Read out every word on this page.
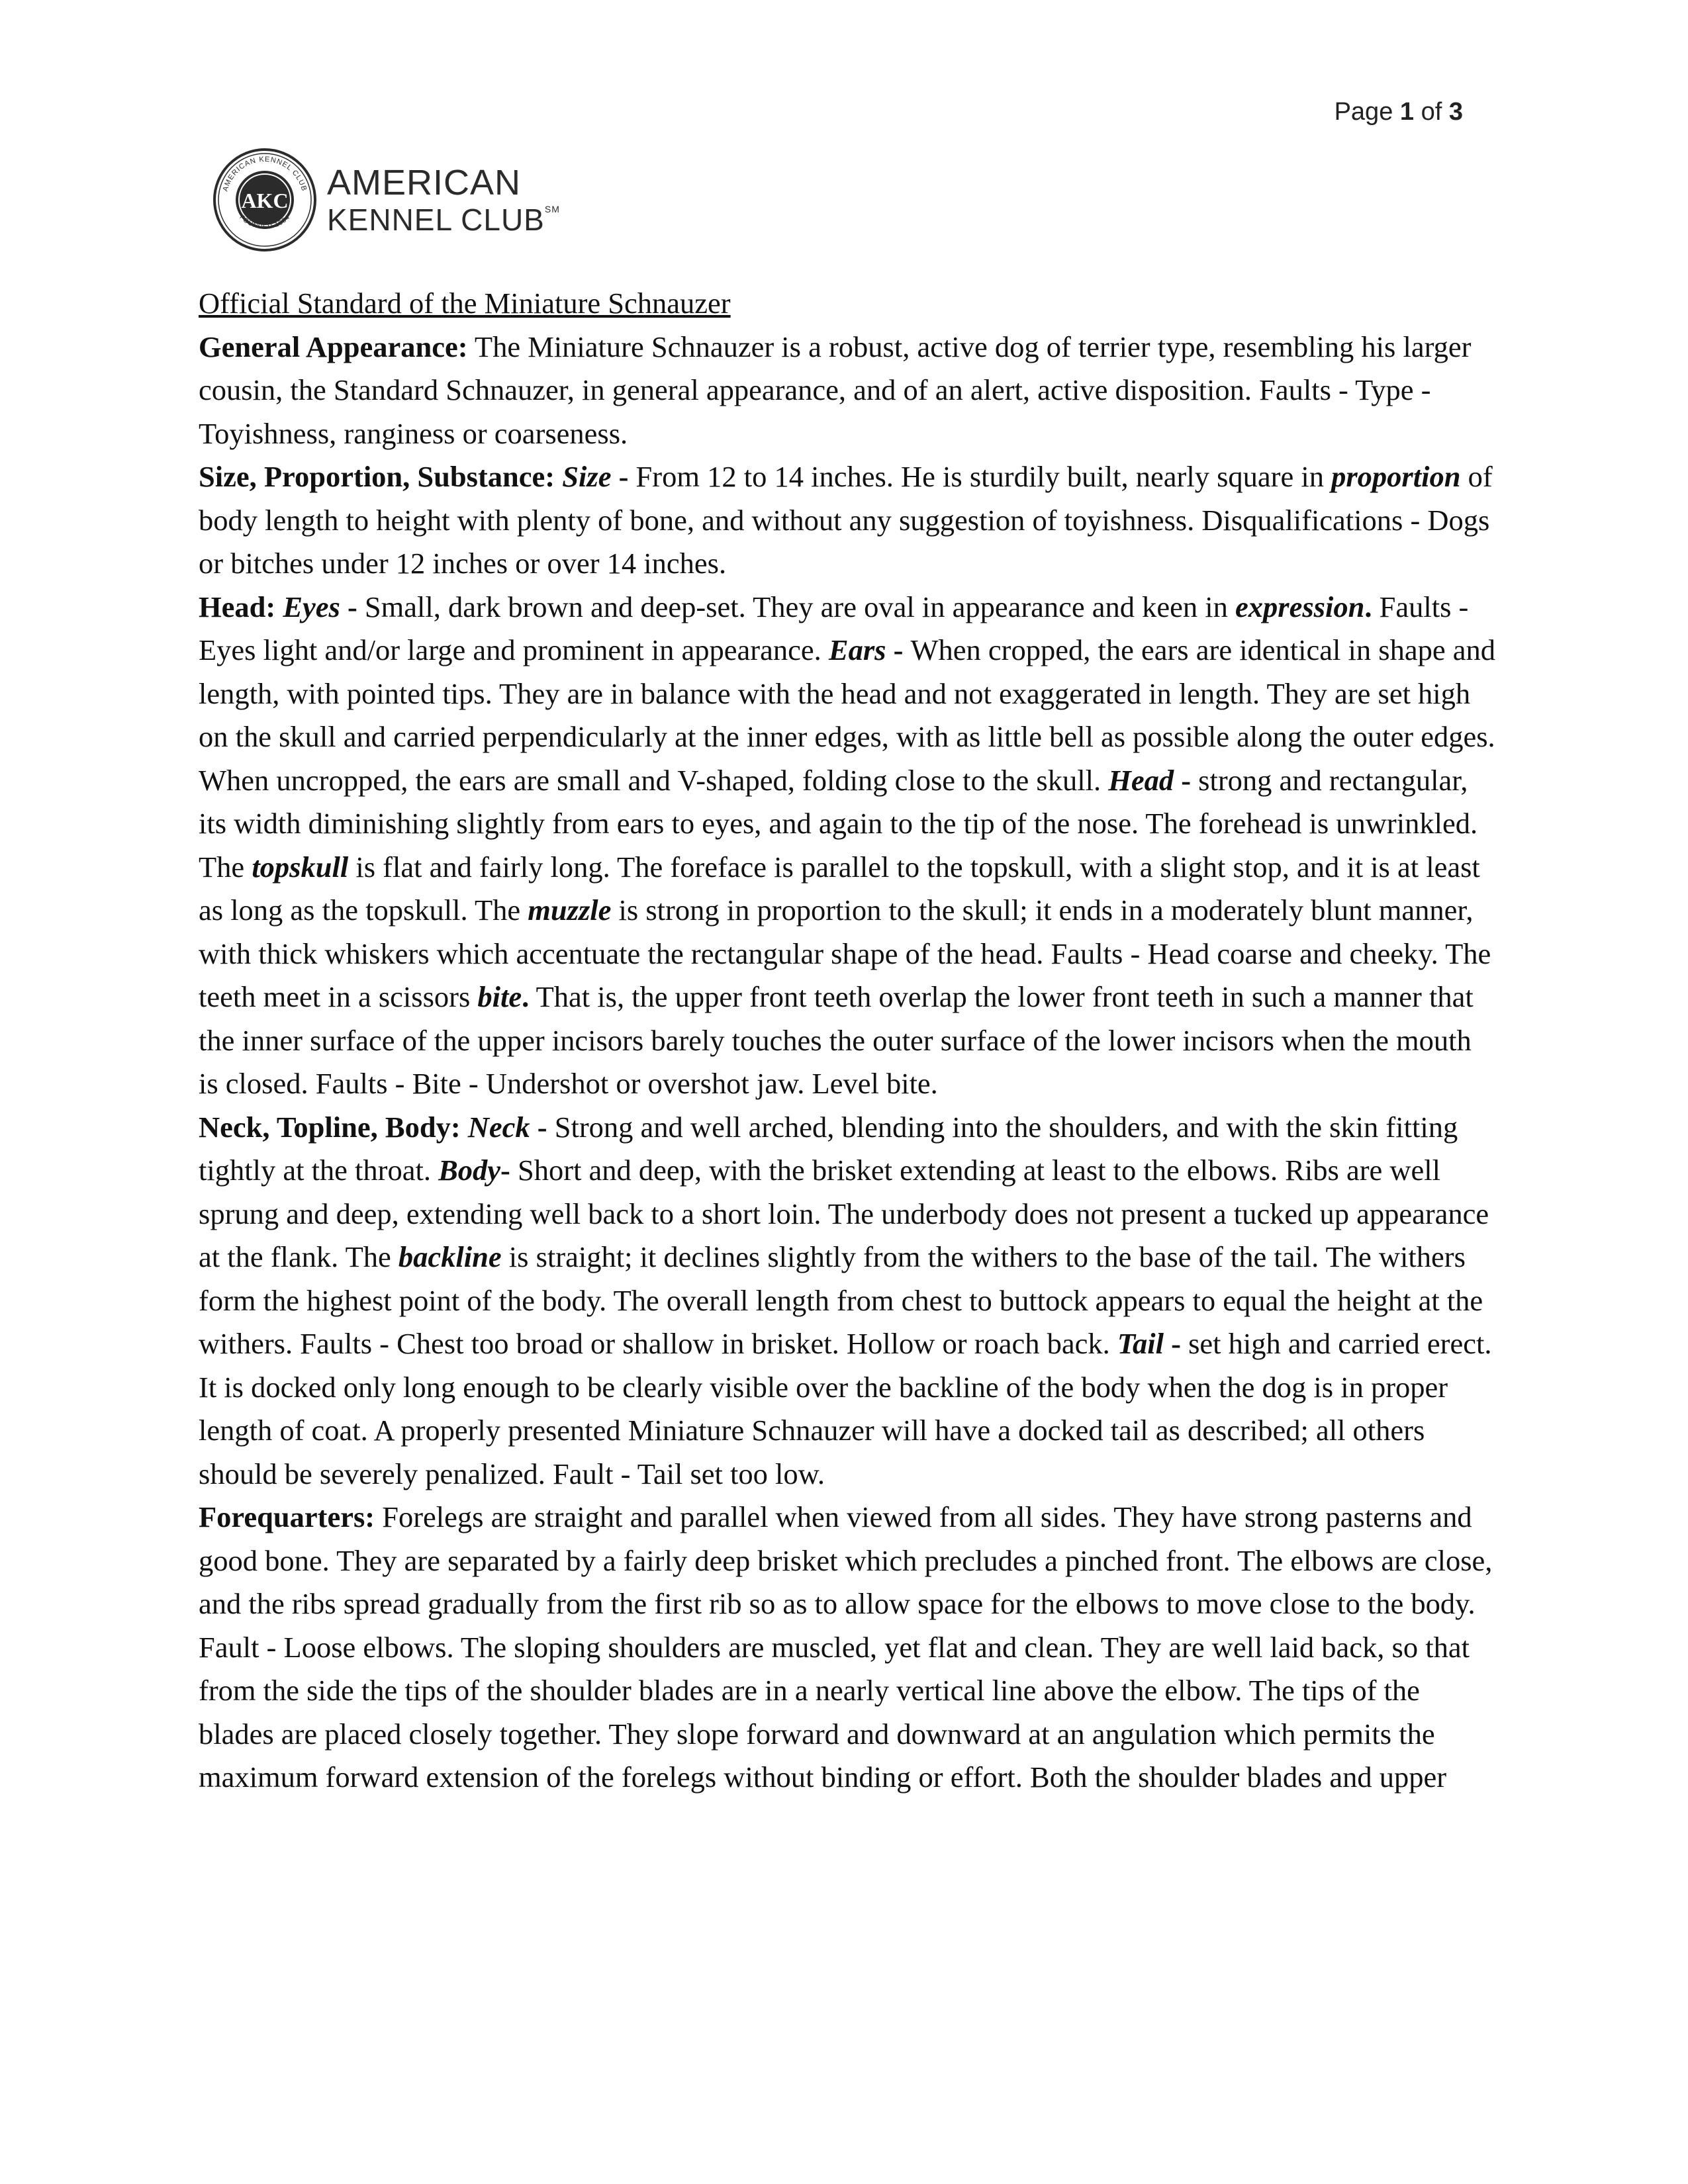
Page 1 of 3
AMERICAN KENNEL CLUB
FOUNDED 1884
AKC AMERICAN
KENNEL CLUB℠

Official Standard of the Miniature Schnauzer

General Appearance: The Miniature Schnauzer is a robust, active dog of terrier type, resembling his larger cousin, the Standard Schnauzer, in general appearance, and of an alert, active disposition. Faults - Type - Toyishness, ranginess or coarseness.

Size, Proportion, Substance: Size - From 12 to 14 inches. He is sturdily built, nearly square in proportion of body length to height with plenty of bone, and without any suggestion of toyishness. Disqualifications - Dogs or bitches under 12 inches or over 14 inches.

Head: Eyes - Small, dark brown and deep-set. They are oval in appearance and keen in expression. Faults - Eyes light and/or large and prominent in appearance. Ears - When cropped, the ears are identical in shape and length, with pointed tips. They are in balance with the head and not exaggerated in length. They are set high on the skull and carried perpendicularly at the inner edges, with as little bell as possible along the outer edges. When uncropped, the ears are small and V-shaped, folding close to the skull. Head - strong and rectangular, its width diminishing slightly from ears to eyes, and again to the tip of the nose. The forehead is unwrinkled. The topskull is flat and fairly long. The foreface is parallel to the topskull, with a slight stop, and it is at least as long as the topskull. The muzzle is strong in proportion to the skull; it ends in a moderately blunt manner, with thick whiskers which accentuate the rectangular shape of the head. Faults - Head coarse and cheeky. The teeth meet in a scissors bite. That is, the upper front teeth overlap the lower front teeth in such a manner that the inner surface of the upper incisors barely touches the outer surface of the lower incisors when the mouth is closed. Faults - Bite - Undershot or overshot jaw. Level bite.

Neck, Topline, Body: Neck - Strong and well arched, blending into the shoulders, and with the skin fitting tightly at the throat. Body- Short and deep, with the brisket extending at least to the elbows. Ribs are well sprung and deep, extending well back to a short loin. The underbody does not present a tucked up appearance at the flank. The backline is straight; it declines slightly from the withers to the base of the tail. The withers form the highest point of the body. The overall length from chest to buttock appears to equal the height at the withers. Faults - Chest too broad or shallow in brisket. Hollow or roach back. Tail - set high and carried erect. It is docked only long enough to be clearly visible over the backline of the body when the dog is in proper length of coat. A properly presented Miniature Schnauzer will have a docked tail as described; all others should be severely penalized. Fault - Tail set too low.

Forequarters: Forelegs are straight and parallel when viewed from all sides. They have strong pasterns and good bone. They are separated by a fairly deep brisket which precludes a pinched front. The elbows are close, and the ribs spread gradually from the first rib so as to allow space for the elbows to move close to the body. Fault - Loose elbows. The sloping shoulders are muscled, yet flat and clean. They are well laid back, so that from the side the tips of the shoulder blades are in a nearly vertical line above the elbow. The tips of the blades are placed closely together. They slope forward and downward at an angulation which permits the maximum forward extension of the forelegs without binding or effort. Both the shoulder blades and upper
